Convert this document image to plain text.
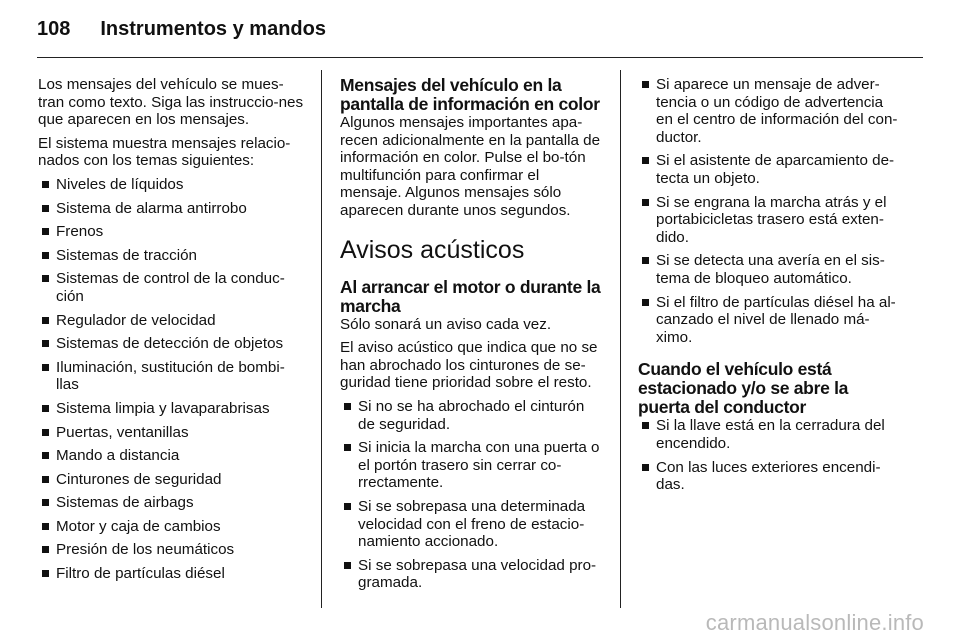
108 Instrumentos y mandos

Los mensajes del vehículo se mues-tran como texto. Siga las instruccio-nes que aparecen en los mensajes.

El sistema muestra mensajes relacio-nados con los temas siguientes:

Niveles de líquidos
Sistema de alarma antirrobo
Frenos
Sistemas de tracción
Sistemas de control de la conduc-ción
Regulador de velocidad
Sistemas de detección de objetos
Iluminación, sustitución de bombi-llas
Sistema limpia y lavaparabrisas
Puertas, ventanillas
Mando a distancia
Cinturones de seguridad
Sistemas de airbags
Motor y caja de cambios
Presión de los neumáticos
Filtro de partículas diésel
Mensajes del vehículo en la pantalla de información en color

Algunos mensajes importantes apa-recen adicionalmente en la pantalla de información en color. Pulse el bo-tón multifunción para confirmar el mensaje. Algunos mensajes sólo aparecen durante unos segundos.

Avisos acústicos
Al arrancar el motor o durante la marcha

Sólo sonará un aviso cada vez.

El aviso acústico que indica que no se han abrochado los cinturones de se-guridad tiene prioridad sobre el resto.

Si no se ha abrochado el cinturón de seguridad.
Si inicia la marcha con una puerta o el portón trasero sin cerrar co-rrectamente.
Si se sobrepasa una determinada velocidad con el freno de estacio-namiento accionado.
Si se sobrepasa una velocidad pro-gramada.
Si aparece un mensaje de adver-tencia o un código de advertencia en el centro de información del con-ductor.
Si el asistente de aparcamiento de-tecta un objeto.
Si se engrana la marcha atrás y el portabicicletas trasero está exten-dido.
Si se detecta una avería en el sis-tema de bloqueo automático.
Si el filtro de partículas diésel ha al-canzado el nivel de llenado má-ximo.
Cuando el vehículo está estacionado y/o se abre la puerta del conductor
Si la llave está en la cerradura del encendido.
Con las luces exteriores encendi-das.
carmanualsonline.info
